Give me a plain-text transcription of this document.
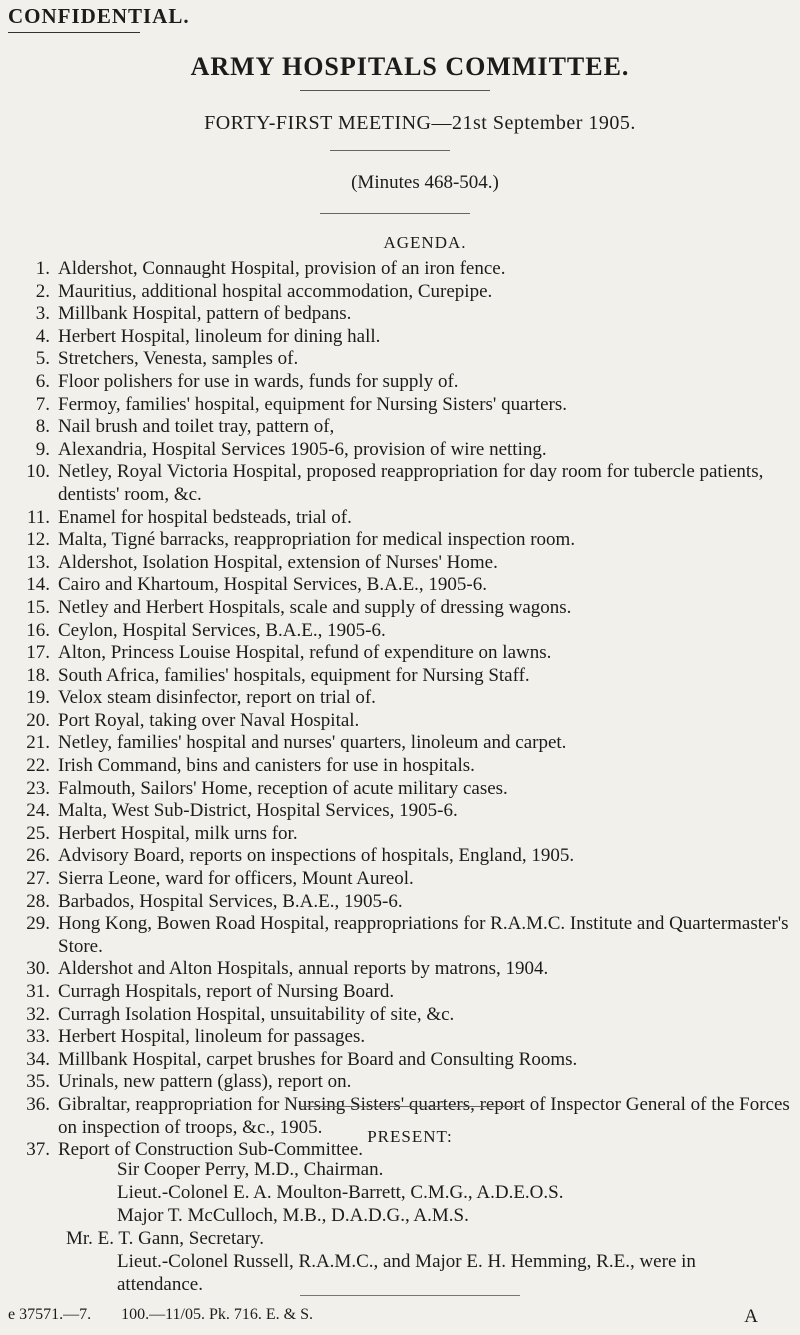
CONFIDENTIAL.
ARMY HOSPITALS COMMITTEE.
FORTY-FIRST MEETING—21st September 1905.
(Minutes 468-504.)
AGENDA.
1. Aldershot, Connaught Hospital, provision of an iron fence.
2. Mauritius, additional hospital accommodation, Curepipe.
3. Millbank Hospital, pattern of bedpans.
4. Herbert Hospital, linoleum for dining hall.
5. Stretchers, Venesta, samples of.
6. Floor polishers for use in wards, funds for supply of.
7. Fermoy, families' hospital, equipment for Nursing Sisters' quarters.
8. Nail brush and toilet tray, pattern of,
9. Alexandria, Hospital Services 1905-6, provision of wire netting.
10. Netley, Royal Victoria Hospital, proposed reappropriation for day room for tubercle patients, dentists' room, &c.
11. Enamel for hospital bedsteads, trial of.
12. Malta, Tigné barracks, reappropriation for medical inspection room.
13. Aldershot, Isolation Hospital, extension of Nurses' Home.
14. Cairo and Khartoum, Hospital Services, B.A.E., 1905-6.
15. Netley and Herbert Hospitals, scale and supply of dressing wagons.
16. Ceylon, Hospital Services, B.A.E., 1905-6.
17. Alton, Princess Louise Hospital, refund of expenditure on lawns.
18. South Africa, families' hospitals, equipment for Nursing Staff.
19. Velox steam disinfector, report on trial of.
20. Port Royal, taking over Naval Hospital.
21. Netley, families' hospital and nurses' quarters, linoleum and carpet.
22. Irish Command, bins and canisters for use in hospitals.
23. Falmouth, Sailors' Home, reception of acute military cases.
24. Malta, West Sub-District, Hospital Services, 1905-6.
25. Herbert Hospital, milk urns for.
26. Advisory Board, reports on inspections of hospitals, England, 1905.
27. Sierra Leone, ward for officers, Mount Aureol.
28. Barbados, Hospital Services, B.A.E., 1905-6.
29. Hong Kong, Bowen Road Hospital, reappropriations for R.A.M.C. Institute and Quartermaster's Store.
30. Aldershot and Alton Hospitals, annual reports by matrons, 1904.
31. Curragh Hospitals, report of Nursing Board.
32. Curragh Isolation Hospital, unsuitability of site, &c.
33. Herbert Hospital, linoleum for passages.
34. Millbank Hospital, carpet brushes for Board and Consulting Rooms.
35. Urinals, new pattern (glass), report on.
36. Gibraltar, reappropriation for Nursing Sisters' quarters, report of Inspector General of the Forces on inspection of troops, &c., 1905.
37. Report of Construction Sub-Committee.
PRESENT:

Sir Cooper Perry, M.D., Chairman.

Lieut.-Colonel E. A. Moulton-Barrett, C.M.G., A.D.E.O.S.

Major T. McCulloch, M.B., D.A.D.G., A.M.S.

Mr. E. T. Gann, Secretary.

Lieut.-Colonel Russell, R.A.M.C., and Major E. H. Hemming, R.E., were in

attendance.

e 37571.—7. 100.—11/05. Pk. 716. E. & S.	A
